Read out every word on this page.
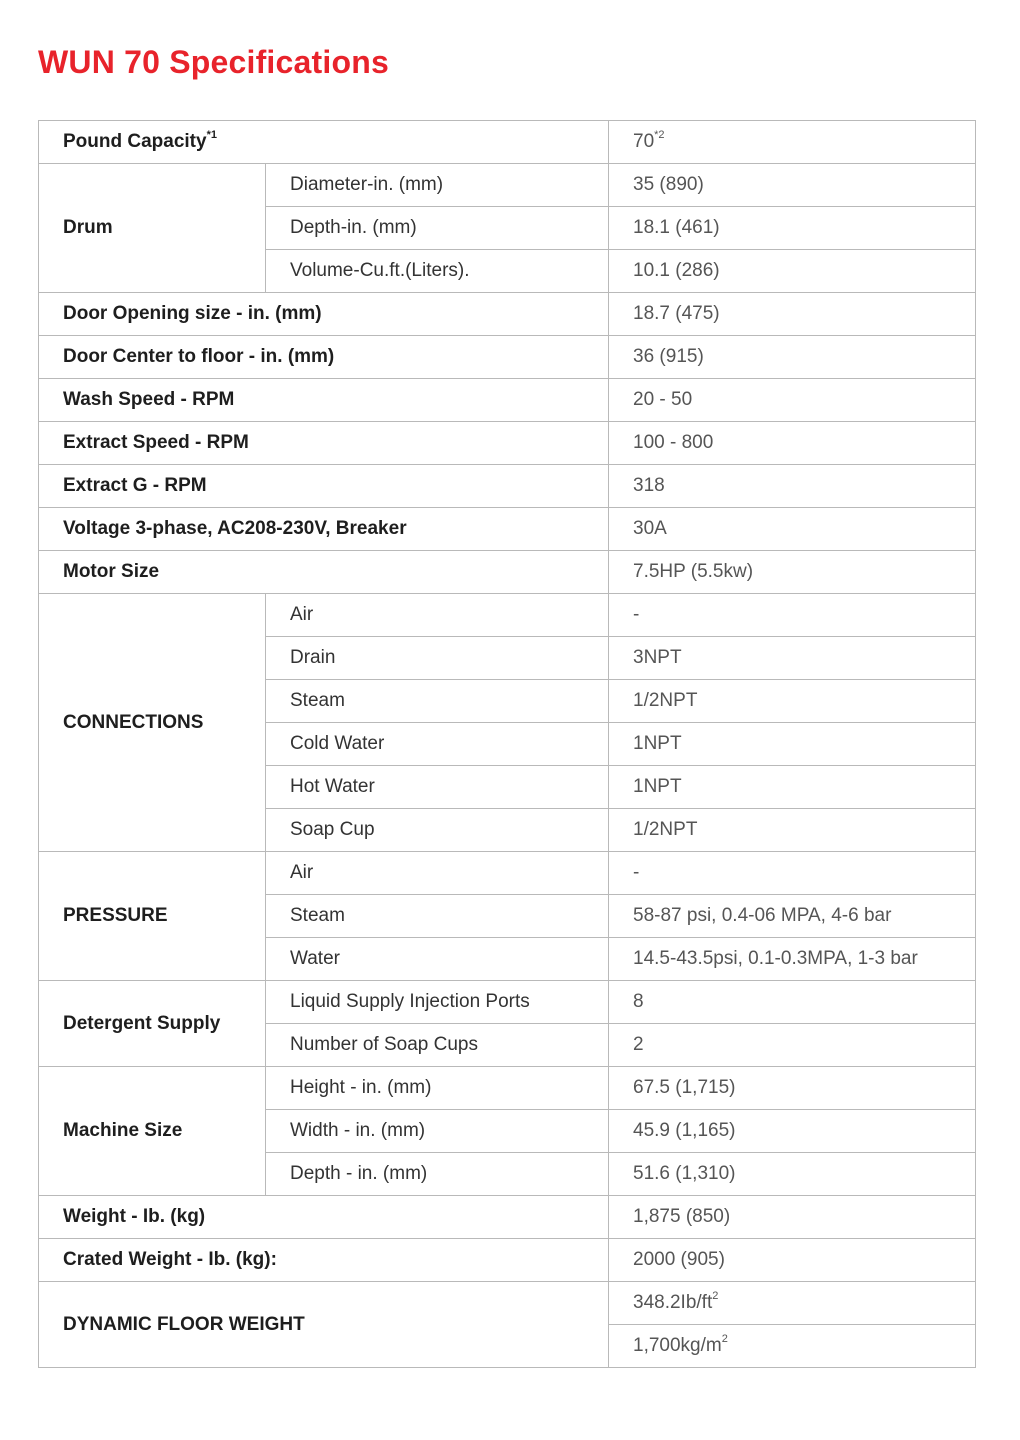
WUN 70 Specifications
Pound Capacity$^{*1}$		70$^{*2}$
Drum	Diameter-in. (mm)	35 (890)
	Depth-in. (mm)	18.1 (461)
	Volume-Cu.ft.(Liters).	10.1 (286)
Door Opening size - in. (mm)		18.7 (475)
Door Center to floor - in. (mm)		36 (915)
Wash Speed - RPM		20 - 50
Extract Speed - RPM		100 - 800
Extract G - RPM		318
Voltage 3-phase, AC208-230V, Breaker		30A
Motor Size		7.5HP (5.5kw)
CONNECTIONS	Air	-
	Drain	3NPT
	Steam	1/2NPT
	Cold Water	1NPT
	Hot Water	1NPT
	Soap Cup	1/2NPT
PRESSURE	Air	-
	Steam	58-87 psi, 0.4-06 MPA, 4-6 bar
	Water	14.5-43.5psi, 0.1-0.3MPA, 1-3 bar
Detergent Supply	Liquid Supply Injection Ports	8
	Number of Soap Cups	2
Machine Size	Height - in. (mm)	67.5 (1,715)
	Width - in. (mm)	45.9 (1,165)
	Depth - in. (mm)	51.6 (1,310)
Weight - Ib. (kg)		1,875 (850)
Crated Weight - Ib. (kg):		2000 (905)
DYNAMIC FLOOR WEIGHT		$348.2Ib/ft^2$
		$1,700kg/m^2$
